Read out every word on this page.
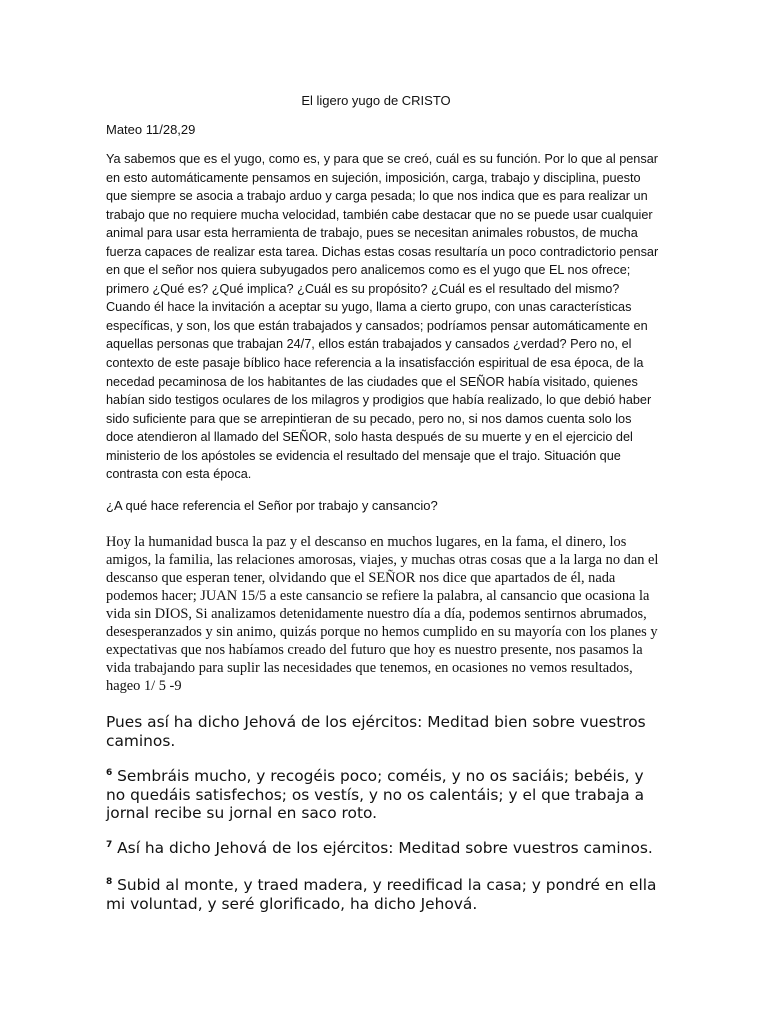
El ligero yugo de CRISTO

Mateo 11/28,29

Ya sabemos que es el yugo, como es, y para que se creó, cuál es su función. Por lo que al pensar en esto automáticamente pensamos en sujeción, imposición, carga, trabajo y disciplina, puesto que siempre se asocia a trabajo arduo y carga pesada; lo que nos indica que es para realizar un trabajo que no requiere mucha velocidad, también cabe destacar que no se puede usar cualquier animal para usar esta herramienta de trabajo, pues se necesitan animales robustos, de mucha fuerza capaces de realizar esta tarea. Dichas estas cosas resultaría un poco contradictorio pensar en que el señor nos quiera subyugados pero analicemos como es el yugo que EL nos ofrece; primero ¿Qué es? ¿Qué implica? ¿Cuál es su propósito? ¿Cuál es el resultado del mismo? Cuando él hace la invitación a aceptar su yugo, llama a cierto grupo, con unas características específicas, y son, los que están trabajados y cansados; podríamos pensar automáticamente en aquellas personas que trabajan 24/7, ellos están trabajados y cansados ¿verdad? Pero no, el contexto de este pasaje bíblico hace referencia a la insatisfacción espiritual de esa época, de la necedad pecaminosa de los habitantes de las ciudades que el SEÑOR había visitado, quienes habían sido testigos oculares de los milagros y prodigios que había realizado, lo que debió haber sido suficiente para que se arrepintieran de su pecado, pero no, si nos damos cuenta solo los doce atendieron al llamado del SEÑOR, solo hasta después de su muerte y en el ejercicio del ministerio de los apóstoles se evidencia el resultado del mensaje que el trajo. Situación que contrasta con esta época.

¿A qué hace referencia el Señor por trabajo y cansancio?

Hoy la humanidad busca la paz y el descanso en muchos lugares, en la fama, el dinero, los amigos, la familia, las relaciones amorosas, viajes, y muchas otras cosas que a la larga no dan el descanso que esperan tener, olvidando que el SEÑOR nos dice que apartados de él, nada podemos hacer; JUAN 15/5 a este cansancio se refiere la palabra, al cansancio que ocasiona la vida sin DIOS, Si analizamos detenidamente nuestro día a día, podemos sentirnos abrumados, desesperanzados y sin animo, quizás porque no hemos cumplido en su mayoría con los planes y expectativas que nos habíamos creado del futuro que hoy es nuestro presente, nos pasamos la vida trabajando para suplir las necesidades que tenemos, en ocasiones no vemos resultados, hageo 1/ 5 -9

Pues así ha dicho Jehová de los ejércitos: Meditad bien sobre vuestros caminos.

$^6$ Sembráis mucho, y recogéis poco; coméis, y no os saciáis; bebéis, y no quedáis satisfechos; os vestís, y no os calentáis; y el que trabaja a jornal recibe su jornal en saco roto.

$^7$ Así ha dicho Jehová de los ejércitos: Meditad sobre vuestros caminos.

$^8$ Subid al monte, y traed madera, y reedificad la casa; y pondré en ella mi voluntad, y seré glorificado, ha dicho Jehová.
